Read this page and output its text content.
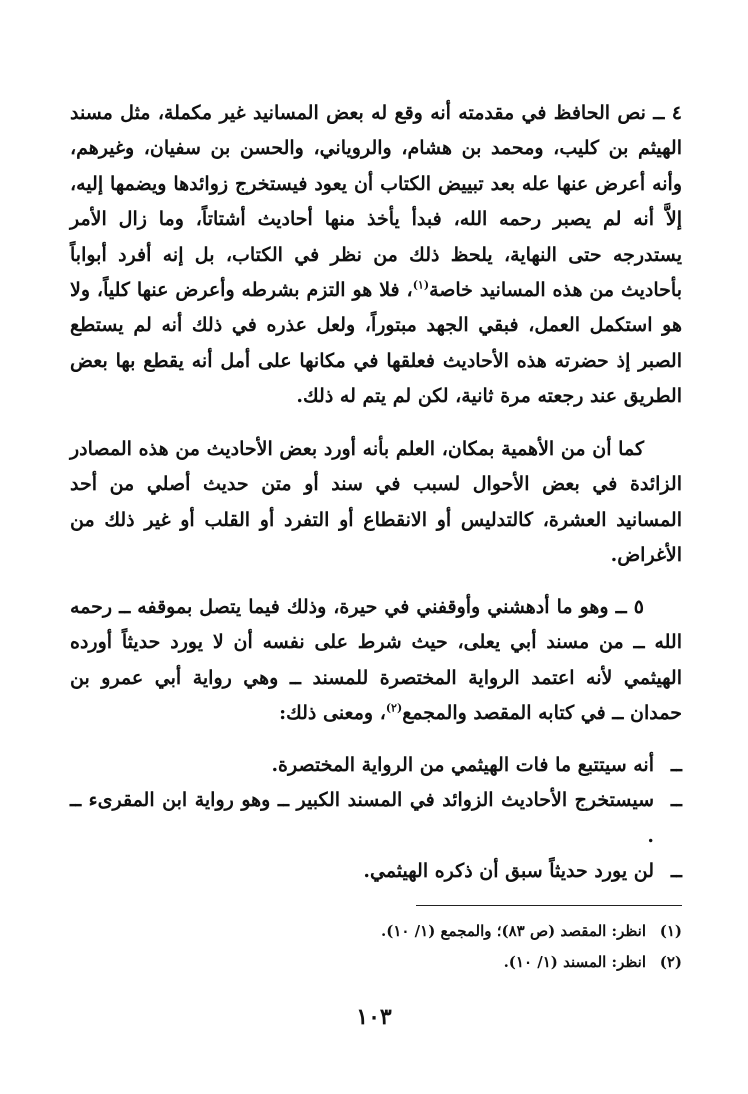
٤ ــ نص الحافظ في مقدمته أنه وقع له بعض المسانيد غير مكملة، مثل مسند الهيثم بن كليب، ومحمد بن هشام، والروياني، والحسن بن سفيان، وغيرهم، وأنه أعرض عنها عله بعد تبييض الكتاب أن يعود فيستخرج زوائدها ويضمها إليه، إلاَّ أنه لم يصبر رحمه الله، فبدأ يأخذ منها أحاديث أشتاتاً، وما زال الأمر يستدرجه حتى النهاية، يلحظ ذلك من نظر في الكتاب، بل إنه أفرد أبواباً بأحاديث من هذه المسانيد خاصة$^{(١)}$، فلا هو التزم بشرطه وأعرض عنها كلياً، ولا هو استكمل العمل، فبقي الجهد مبتوراً، ولعل عذره في ذلك أنه لم يستطع الصبر إذ حضرته هذه الأحاديث فعلقها في مكانها على أمل أنه يقطع بها بعض الطريق عند رجعته مرة ثانية، لكن لم يتم له ذلك.

كما أن من الأهمية بمكان، العلم بأنه أورد بعض الأحاديث من هذه المصادر الزائدة في بعض الأحوال لسبب في سند أو متن حديث أصلي من أحد المسانيد العشرة، كالتدليس أو الانقطاع أو التفرد أو القلب أو غير ذلك من الأغراض.

٥ ــ وهو ما أدهشني وأوقفني في حيرة، وذلك فيما يتصل بموقفه ــ رحمه الله ــ من مسند أبي يعلى، حيث شرط على نفسه أن لا يورد حديثاً أورده الهيثمي لأنه اعتمد الرواية المختصرة للمسند ــ وهي رواية أبي عمرو بن حمدان ــ في كتابه المقصد والمجمع$^{(٢)}$، ومعنى ذلك:

ــ
أنه سيتتبع ما فات الهيثمي من الرواية المختصرة.
ــ
سيستخرج الأحاديث الزوائد في المسند الكبير ــ وهو رواية ابن المقرىء ــ .
ــ
لن يورد حديثاً سبق أن ذكره الهيثمي.
(١)
انظر: المقصد (ص ٨٣)؛ والمجمع (١/ ١٠).
(٢)
انظر: المسند (١/ ١٠).
١٠٣
